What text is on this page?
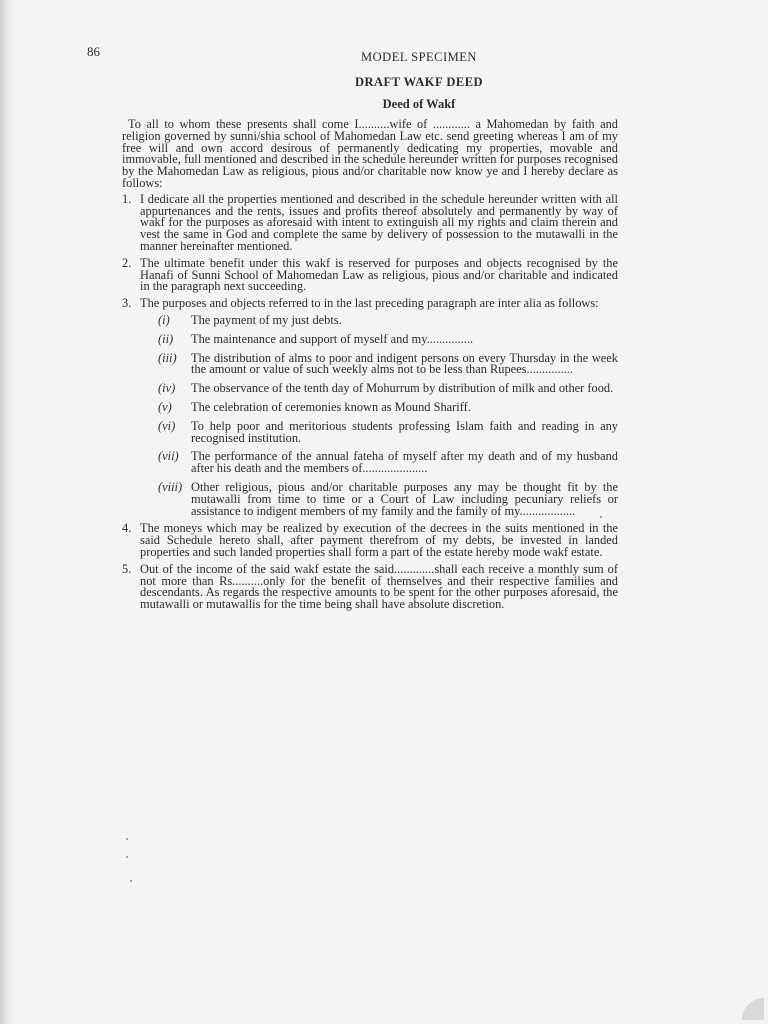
86	MODEL SPECIMEN
DRAFT WAKF DEED
Deed of Wakf

To all to whom these presents shall come I..........wife of ............ a Mahomedan by faith and religion governed by sunni/shia school of Mahomedan Law etc. send greeting whereas I am of my free will and own accord desirous of permanently dedicating my properties, movable and immovable, full mentioned and described in the schedule hereunder written for purposes recognised by the Mahomedan Law as religious, pious and/or charitable now know ye and I hereby declare as follows:

1. I dedicate all the properties mentioned and described in the schedule hereunder written with all appurtenances and the rents, issues and profits thereof absolutely and permanently by way of wakf for the purposes as aforesaid with intent to extinguish all my rights and claim therein and vest the same in God and complete the same by delivery of possession to the mutawalli in the manner hereinafter mentioned.
2. The ultimate benefit under this wakf is reserved for purposes and objects recognised by the Hanafi of Sunni School of Mahomedan Law as religious, pious and/or charitable and indicated in the paragraph next succeeding.
3. The purposes and objects referred to in the last preceding paragraph are inter alia as follows:
(i)	The payment of my just debts.
(ii)	The maintenance and support of myself and my...............
(iii)	The distribution of alms to poor and indigent persons on every Thursday in the week the amount or value of such weekly alms not to be less than Rupees...............
(iv)	The observance of the tenth day of Mohurrum by distribution of milk and other food.
(v)	The celebration of ceremonies known as Mound Shariff.
(vi)	To help poor and meritorious students professing Islam faith and reading in any recognised institution.
(vii) The performance of the annual fateha of myself after my death and of my husband after his death and the members of.....................
(viii) Other religious, pious and/or charitable purposes any may be thought fit by the mutawalli from time to time or a Court of Law including pecuniary reliefs or assistance to indigent members of my family and the family of my..................
4. The moneys which may be realized by execution of the decrees in the suits mentioned in the said Schedule hereto shall, after payment therefrom of my debts, be invested in landed properties and such landed properties shall form a part of the estate hereby mode wakf estate.
5. Out of the income of the said wakf estate the said.............shall each receive a monthly sum of not more than Rs..........only for the benefit of themselves and their respective families and descendants. As regards the respective amounts to be spent for the other purposes aforesaid, the mutawalli or mutawallis for the time being shall have absolute discretion.
